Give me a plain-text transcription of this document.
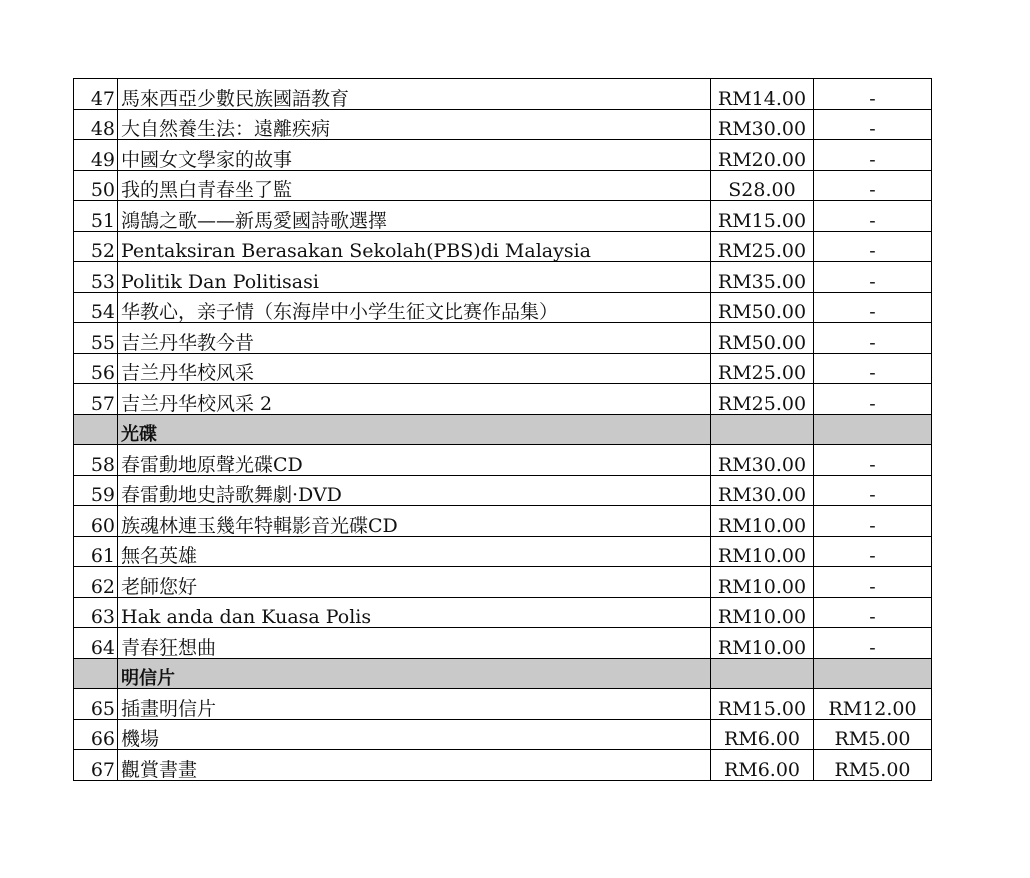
47	馬來西亞少數民族國語教育	RM14.00	-
48	大自然養生法：遠離疾病	RM30.00	-
49	中國女文學家的故事	RM20.00	-
50	我的黑白青春坐了監	S28.00	-
51	鴻鵠之歌——新馬愛國詩歌選擇	RM15.00	-
52	Pentaksiran Berasakan Sekolah(PBS)di Malaysia	RM25.00	-
53	Politik Dan Politisasi	RM35.00	-
54	华教心，亲子情（东海岸中小学生征文比赛作品集）	RM50.00	-
55	吉兰丹华教今昔	RM50.00	-
56	吉兰丹华校风采	RM25.00	-
57	吉兰丹华校风采 2	RM25.00	-
	光碟		
58	春雷動地原聲光碟CD	RM30.00	-
59	春雷動地史詩歌舞劇·DVD	RM30.00	-
60	族魂林連玉幾年特輯影音光碟CD	RM10.00	-
61	無名英雄	RM10.00	-
62	老師您好	RM10.00	-
63	Hak anda dan Kuasa Polis	RM10.00	-
64	青春狂想曲	RM10.00	-
	明信片		
65	插畫明信片	RM15.00	RM12.00
66	機場	RM6.00	RM5.00
67	觀賞書畫	RM6.00	RM5.00
